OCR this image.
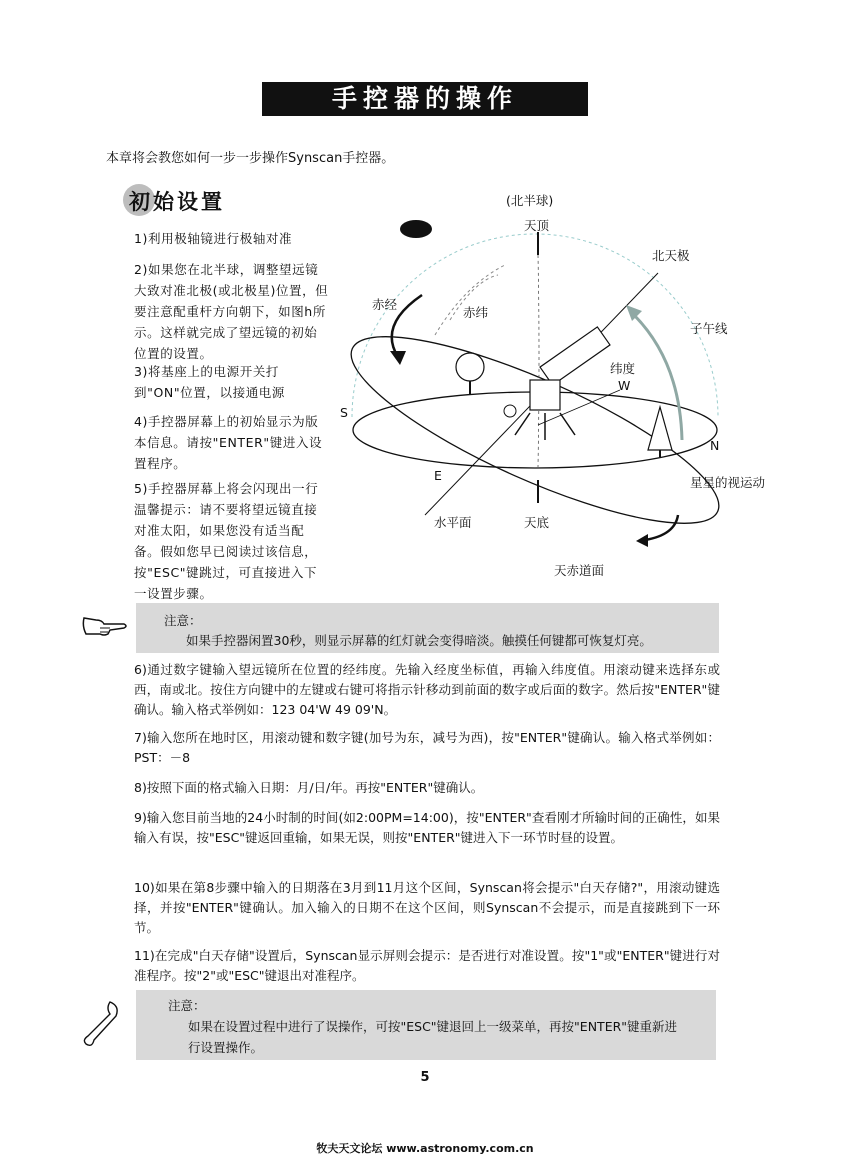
手控器的操作
本章将会教您如何一步一步操作Synscan手控器。
初始设置
1)利用极轴镜进行极轴对准
2)如果您在北半球，调整望远镜大致对准北极(或北极星)位置，但要注意配重杆方向朝下，如图h所示。这样就完成了望远镜的初始位置的设置。
3)将基座上的电源开关打到"ON"位置，以接通电源
4)手控器屏幕上的初始显示为版本信息。请按"ENTER"键进入设置程序。
5)手控器屏幕上将会闪现出一行温馨提示：请不要将望远镜直接对准太阳，如果您没有适当配备。假如您早已阅读过该信息，按"ESC"键跳过，可直接进入下一设置步骤。
(北半球)
天顶
北天极
子午线
赤经
赤纬
纬度
S
W
N
E	星星的视运动
水平面	天底
天赤道面
注意：
如果手控器闲置30秒，则显示屏幕的红灯就会变得暗淡。触摸任何键都可恢复灯亮。
6)通过数字键输入望远镜所在位置的经纬度。先输入经度坐标值，再输入纬度值。用滚动键来选择东或西，南或北。按住方向键中的左键或右键可将指示针移动到前面的数字或后面的数字。然后按"ENTER"键确认。输入格式举例如：123 04'W 49 09'N。
7)输入您所在地时区，用滚动键和数字键(加号为东，减号为西)，按"ENTER"键确认。输入格式举例如：PST：－8
8)按照下面的格式输入日期：月/日/年。再按"ENTER"键确认。
9)输入您目前当地的24小时制的时间(如2:00PM=14:00)，按"ENTER"查看刚才所输时间的正确性，如果输入有误，按"ESC"键返回重输，如果无误，则按"ENTER"键进入下一环节时昼的设置。
10)如果在第8步骤中输入的日期落在3月到11月这个区间，Synscan将会提示"白天存储?"，用滚动键选择，并按"ENTER"键确认。加入输入的日期不在这个区间，则Synscan不会提示，而是直接跳到下一环节。
11)在完成"白天存储"设置后，Synscan显示屏则会提示：是否进行对准设置。按"1"或"ENTER"键进行对准程序。按"2"或"ESC"键退出对准程序。
注意：
如果在设置过程中进行了误操作，可按"ESC"键退回上一级菜单，再按"ENTER"键重新进行设置操作。
5
牧夫天文论坛 www.astronomy.com.cn
